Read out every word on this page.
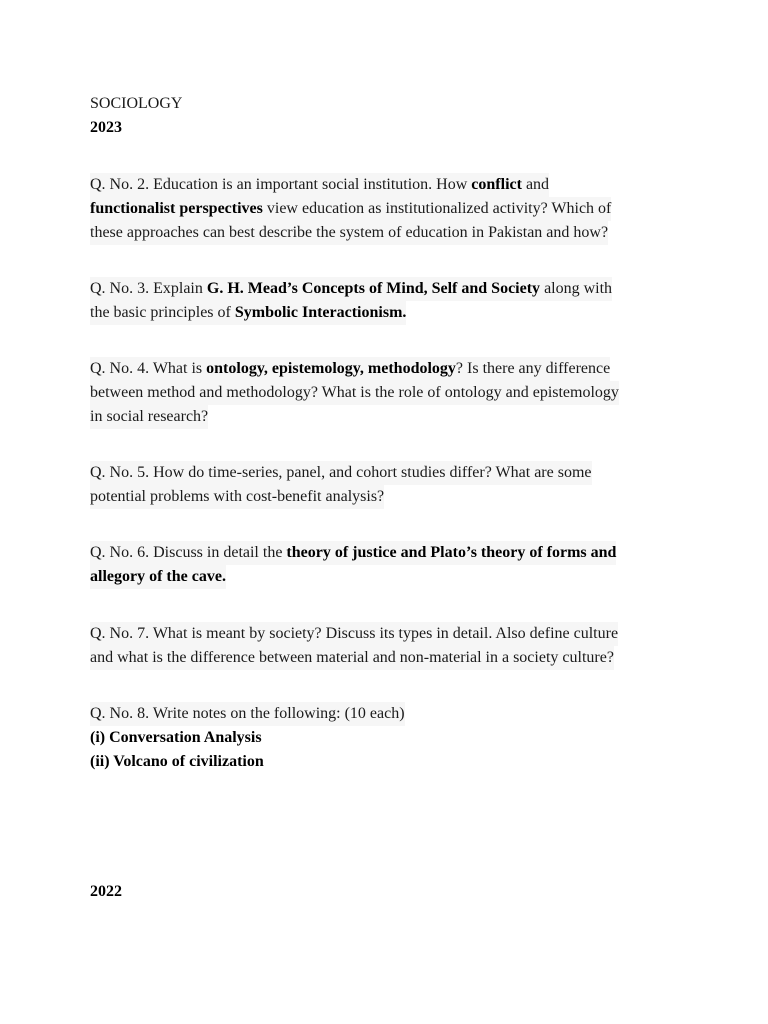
SOCIOLOGY
2023
Q. No. 2. Education is an important social institution. How conflict and
functionalist perspectives view education as institutionalized activity? Which of
these approaches can best describe the system of education in Pakistan and how?
Q. No. 3. Explain G. H. Mead’s Concepts of Mind, Self and Society along with
the basic principles of Symbolic Interactionism.
Q. No. 4. What is ontology, epistemology, methodology? Is there any difference
between method and methodology? What is the role of ontology and epistemology
in social research?
Q. No. 5. How do time-series, panel, and cohort studies differ? What are some
potential problems with cost-benefit analysis?
Q. No. 6. Discuss in detail the theory of justice and Plato’s theory of forms and
allegory of the cave.
Q. No. 7. What is meant by society? Discuss its types in detail. Also define culture
and what is the difference between material and non-material in a society culture?
Q. No. 8. Write notes on the following: (10 each)
(i) Conversation Analysis
(ii) Volcano of civilization
2022
